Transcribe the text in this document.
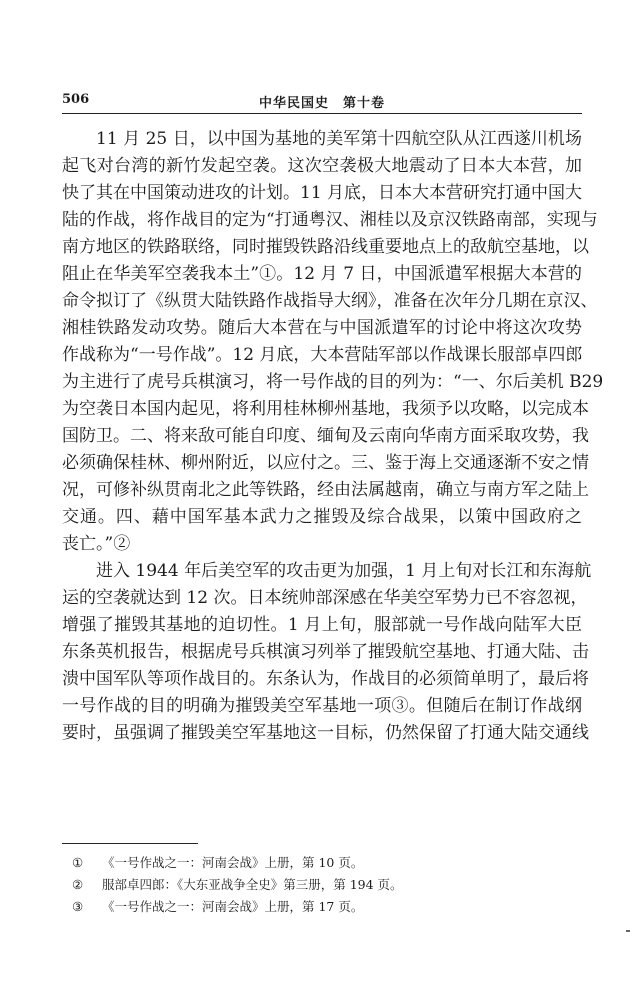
506	中华民国史　第十卷

11 月 25 日，以中国为基地的美军第十四航空队从江西遂川机场
起飞对台湾的新竹发起空袭。这次空袭极大地震动了日本大本营，加
快了其在中国策动进攻的计划。11 月底，日本大本营研究打通中国大
陆的作战，将作战目的定为“打通粤汉、湘桂以及京汉铁路南部，实现与
南方地区的铁路联络，同时摧毁铁路沿线重要地点上的敌航空基地，以
阻止在华美军空袭我本土”①。12 月 7 日，中国派遣军根据大本营的
命令拟订了《纵贯大陆铁路作战指导大纲》，准备在次年分几期在京汉、
湘桂铁路发动攻势。随后大本营在与中国派遣军的讨论中将这次攻势
作战称为“一号作战”。12 月底，大本营陆军部以作战课长服部卓四郎
为主进行了虎号兵棋演习，将一号作战的目的列为：“一、尔后美机 B29
为空袭日本国内起见，将利用桂林柳州基地，我须予以攻略，以完成本
国防卫。二、将来敌可能自印度、缅甸及云南向华南方面采取攻势，我
必须确保桂林、柳州附近，以应付之。三、鉴于海上交通逐渐不安之情
况，可修补纵贯南北之此等铁路，经由法属越南，确立与南方军之陆上
交通。四、藉中国军基本武力之摧毁及综合战果，以策中国政府之
丧亡。”②

进入 1944 年后美空军的攻击更为加强，1 月上旬对长江和东海航
运的空袭就达到 12 次。日本统帅部深感在华美空军势力已不容忽视，
增强了摧毁其基地的迫切性。1 月上旬，服部就一号作战向陆军大臣
东条英机报告，根据虎号兵棋演习列举了摧毁航空基地、打通大陆、击
溃中国军队等项作战目的。东条认为，作战目的必须简单明了，最后将
一号作战的目的明确为摧毁美空军基地一项③。但随后在制订作战纲
要时，虽强调了摧毁美空军基地这一目标，仍然保留了打通大陆交通线

① 《一号作战之一：河南会战》上册，第 10 页。
② 服部卓四郎：《大东亚战争全史》第三册，第 194 页。
③ 《一号作战之一：河南会战》上册，第 17 页。
